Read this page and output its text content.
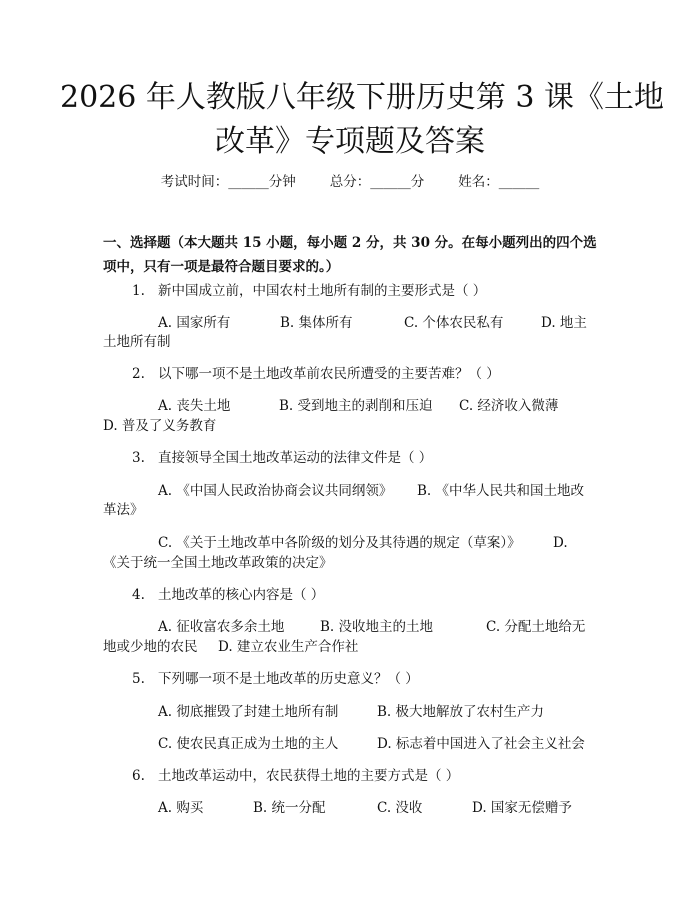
2026 年人教版八年级下册历史第 3 课《土地
改革》专项题及答案
考试时间：______分钟	总分：______分	姓名：______
一、选择题（本大题共 15 小题，每小题 2 分，共 30 分。在每小题列出的四个选
项中，只有一项是最符合题目要求的。）
1. 新中国成立前，中国农村土地所有制的主要形式是（ ）
A. 国家所有	B. 集体所有	C. 个体农民私有	D. 地主
土地所有制
2. 以下哪一项不是土地改革前农民所遭受的主要苦难？（ ）
A. 丧失土地	B. 受到地主的剥削和压迫 C. 经济收入微薄
D. 普及了义务教育
3. 直接领导全国土地改革运动的法律文件是（ ）
A. 《中国人民政治协商会议共同纲领》 B. 《中华人民共和国土地改
革法》
C. 《关于土地改革中各阶级的划分及其待遇的规定（草案）》 D.
《关于统一全国土地改革政策的决定》
4. 土地改革的核心内容是（ ）
A. 征收富农多余土地	B. 没收地主的土地	C. 分配土地给无
地或少地的农民 D. 建立农业生产合作社
5. 下列哪一项不是土地改革的历史意义？（ ）
A. 彻底摧毁了封建土地所有制	B. 极大地解放了农村生产力
C. 使农民真正成为土地的主人	D. 标志着中国进入了社会主义社会
6. 土地改革运动中，农民获得土地的主要方式是（ ）
A. 购买	B. 统一分配	C. 没收	D. 国家无偿赠予
